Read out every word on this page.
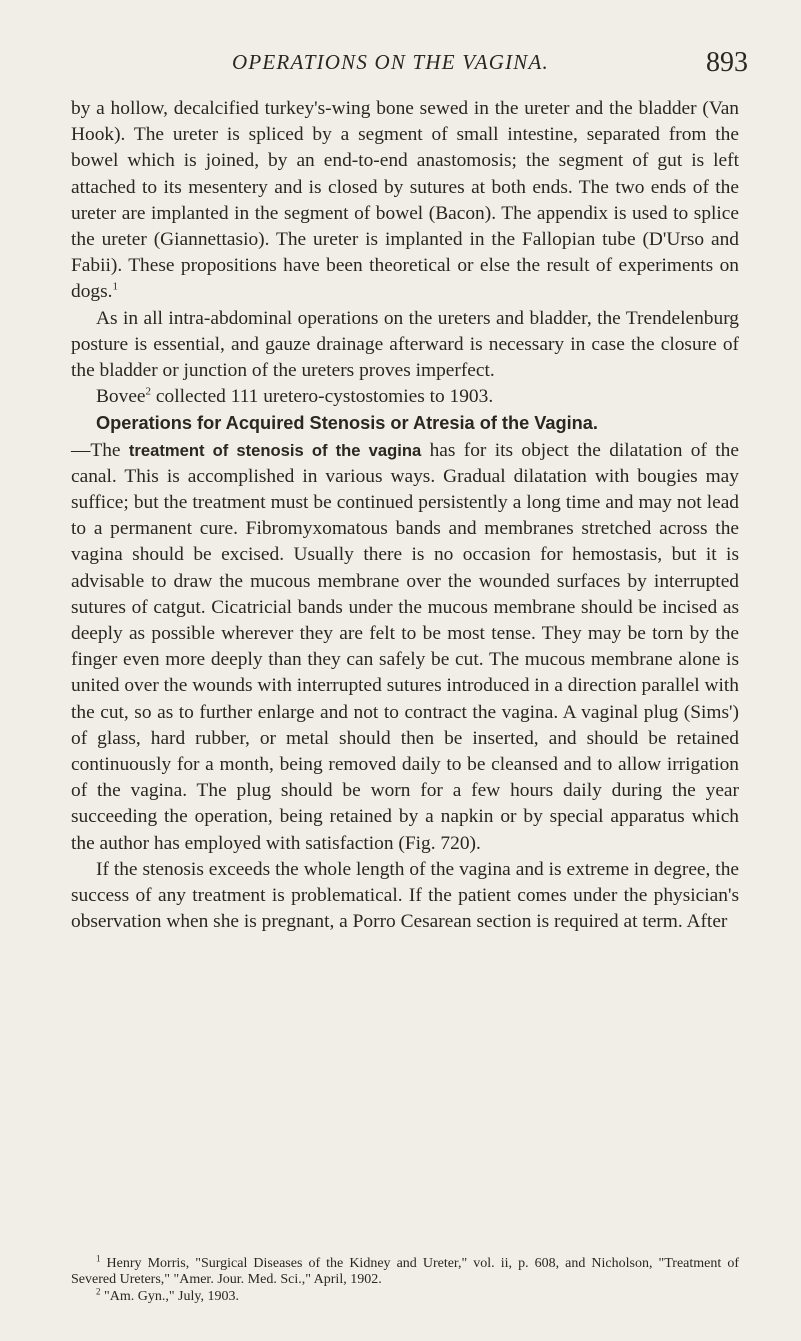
OPERATIONS ON THE VAGINA.	893

by a hollow, decalcified turkey's-wing bone sewed in the ureter and the bladder (Van Hook). The ureter is spliced by a segment of small intestine, separated from the bowel which is joined, by an end-to-end anastomosis; the segment of gut is left attached to its mesentery and is closed by sutures at both ends. The two ends of the ureter are implanted in the segment of bowel (Bacon). The appendix is used to splice the ureter (Giannettasio). The ureter is implanted in the Fallopian tube (D'Urso and Fabii). These propositions have been theoretical or else the result of experiments on dogs.$^1$

As in all intra-abdominal operations on the ureters and bladder, the Trendelenburg posture is essential, and gauze drainage afterward is necessary in case the closure of the bladder or junction of the ureters proves imperfect.

Bovee$^2$ collected 111 uretero-cystostomies to 1903.

Operations for Acquired Stenosis or Atresia of the Vagina.

—The treatment of stenosis of the vagina has for its object the dilatation of the canal. This is accomplished in various ways. Gradual dilatation with bougies may suffice; but the treatment must be continued persistently a long time and may not lead to a permanent cure. Fibromyxomatous bands and membranes stretched across the vagina should be excised. Usually there is no occasion for hemostasis, but it is advisable to draw the mucous membrane over the wounded surfaces by interrupted sutures of catgut. Cicatricial bands under the mucous membrane should be incised as deeply as possible wherever they are felt to be most tense. They may be torn by the finger even more deeply than they can safely be cut. The mucous membrane alone is united over the wounds with interrupted sutures introduced in a direction parallel with the cut, so as to further enlarge and not to contract the vagina. A vaginal plug (Sims') of glass, hard rubber, or metal should then be inserted, and should be retained continuously for a month, being removed daily to be cleansed and to allow irrigation of the vagina. The plug should be worn for a few hours daily during the year succeeding the operation, being retained by a napkin or by special apparatus which the author has employed with satisfaction (Fig. 720).

If the stenosis exceeds the whole length of the vagina and is extreme in degree, the success of any treatment is problematical. If the patient comes under the physician's observation when she is pregnant, a Porro Cesarean section is required at term. After

$^1$ Henry Morris, "Surgical Diseases of the Kidney and Ureter," vol. ii, p. 608, and Nicholson, "Treatment of Severed Ureters," "Amer. Jour. Med. Sci.," April, 1902.

$^2$ "Am. Gyn.," July, 1903.
